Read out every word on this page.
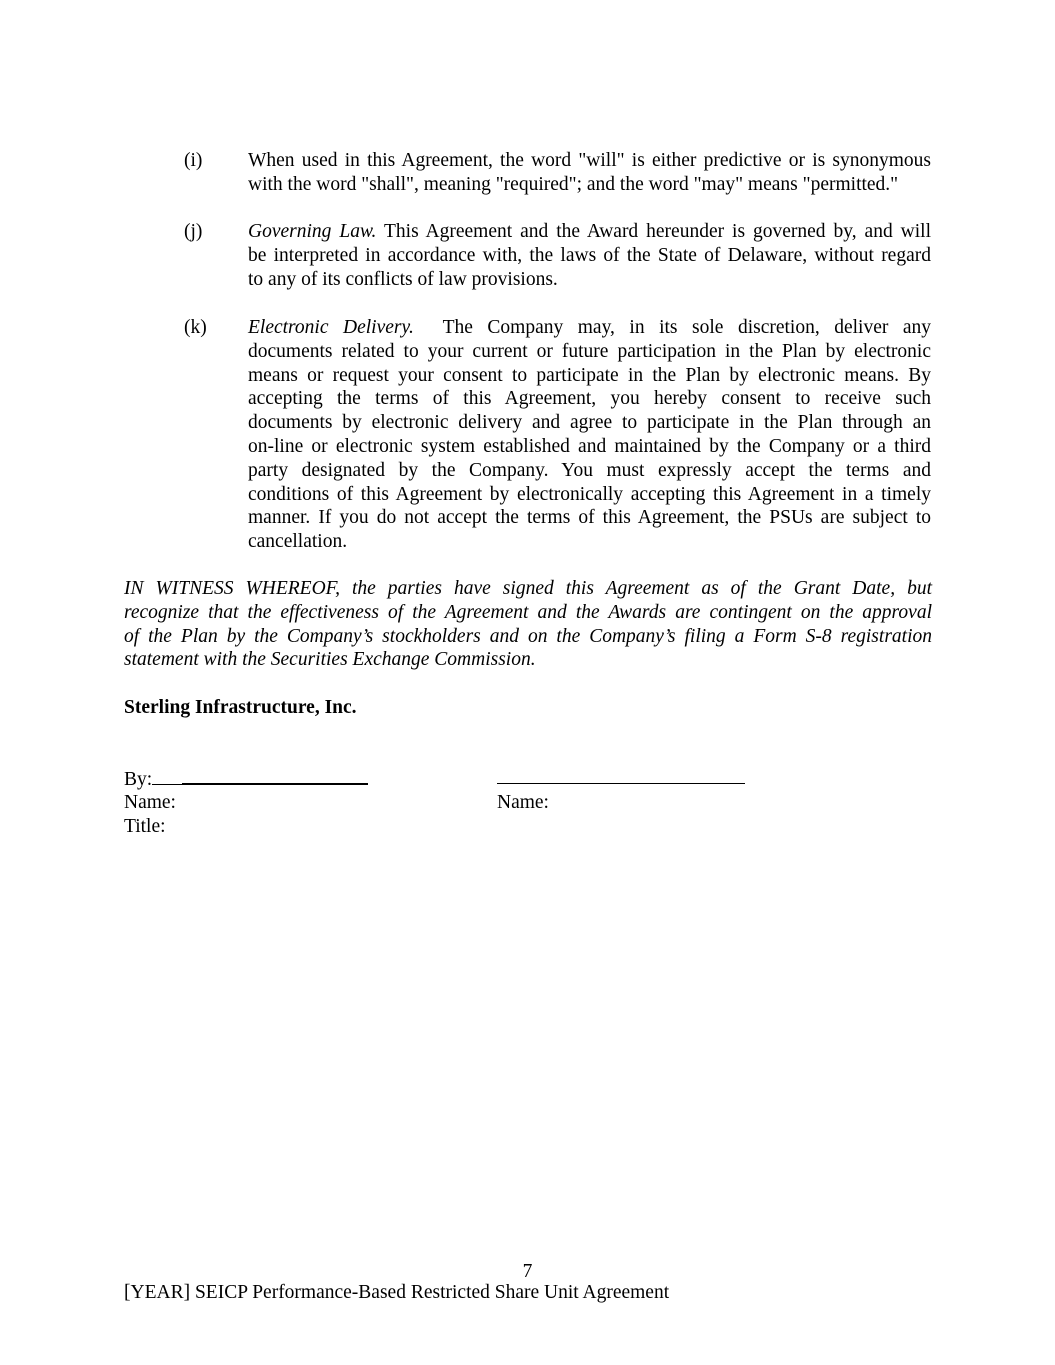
(i)	When used in this Agreement, the word "will" is either predictive or is synonymous
with the word "shall", meaning "required"; and the word "may" means "permitted."
(j)	Governing Law. This Agreement and the Award hereunder is governed by, and will
be interpreted in accordance with, the laws of the State of Delaware, without regard
to any of its conflicts of law provisions.
(k)	Electronic Delivery.  The Company may, in its sole discretion, deliver any
documents related to your current or future participation in the Plan by electronic
means or request your consent to participate in the Plan by electronic means. By
accepting the terms of this Agreement, you hereby consent to receive such
documents by electronic delivery and agree to participate in the Plan through an
on-line or electronic system established and maintained by the Company or a third
party designated by the Company. You must expressly accept the terms and
conditions of this Agreement by electronically accepting this Agreement in a timely
manner. If you do not accept the terms of this Agreement, the PSUs are subject to
cancellation.
IN WITNESS WHEREOF, the parties have signed this Agreement as of the Grant Date, but
recognize that the effectiveness of the Agreement and the Awards are contingent on the approval
of the Plan by the Company’s stockholders and on the Company’s filing a Form S-8 registration
statement with the Securities Exchange Commission.
Sterling Infrastructure, Inc.
By:
Name:
Title:
Name:
7
[YEAR] SEICP Performance-Based Restricted Share Unit Agreement
